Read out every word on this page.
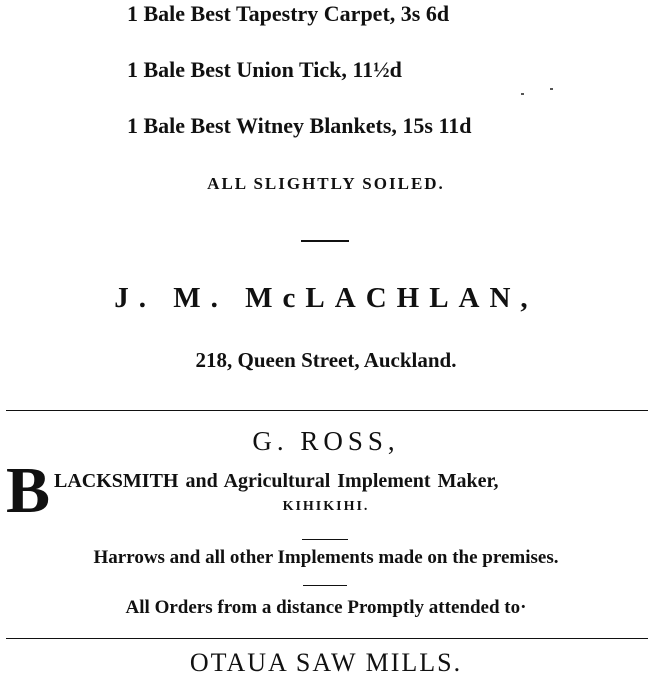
1 Bale Best Tapestry Carpet, 3s 6d
1 Bale Best Union Tick, 11½d
1 Bale Best Witney Blankets, 15s 11d
ALL SLIGHTLY SOILED.
J. M. McLACHLAN,
218, Queen Street, Auckland.
G. ROSS,
B LACKSMITH and Agricultural Implement Maker,
KIHIKIHI.
Harrows and all other Implements made on the premises.
All Orders from a distance Promptly attended to·
OTAUA SAW MILLS.
